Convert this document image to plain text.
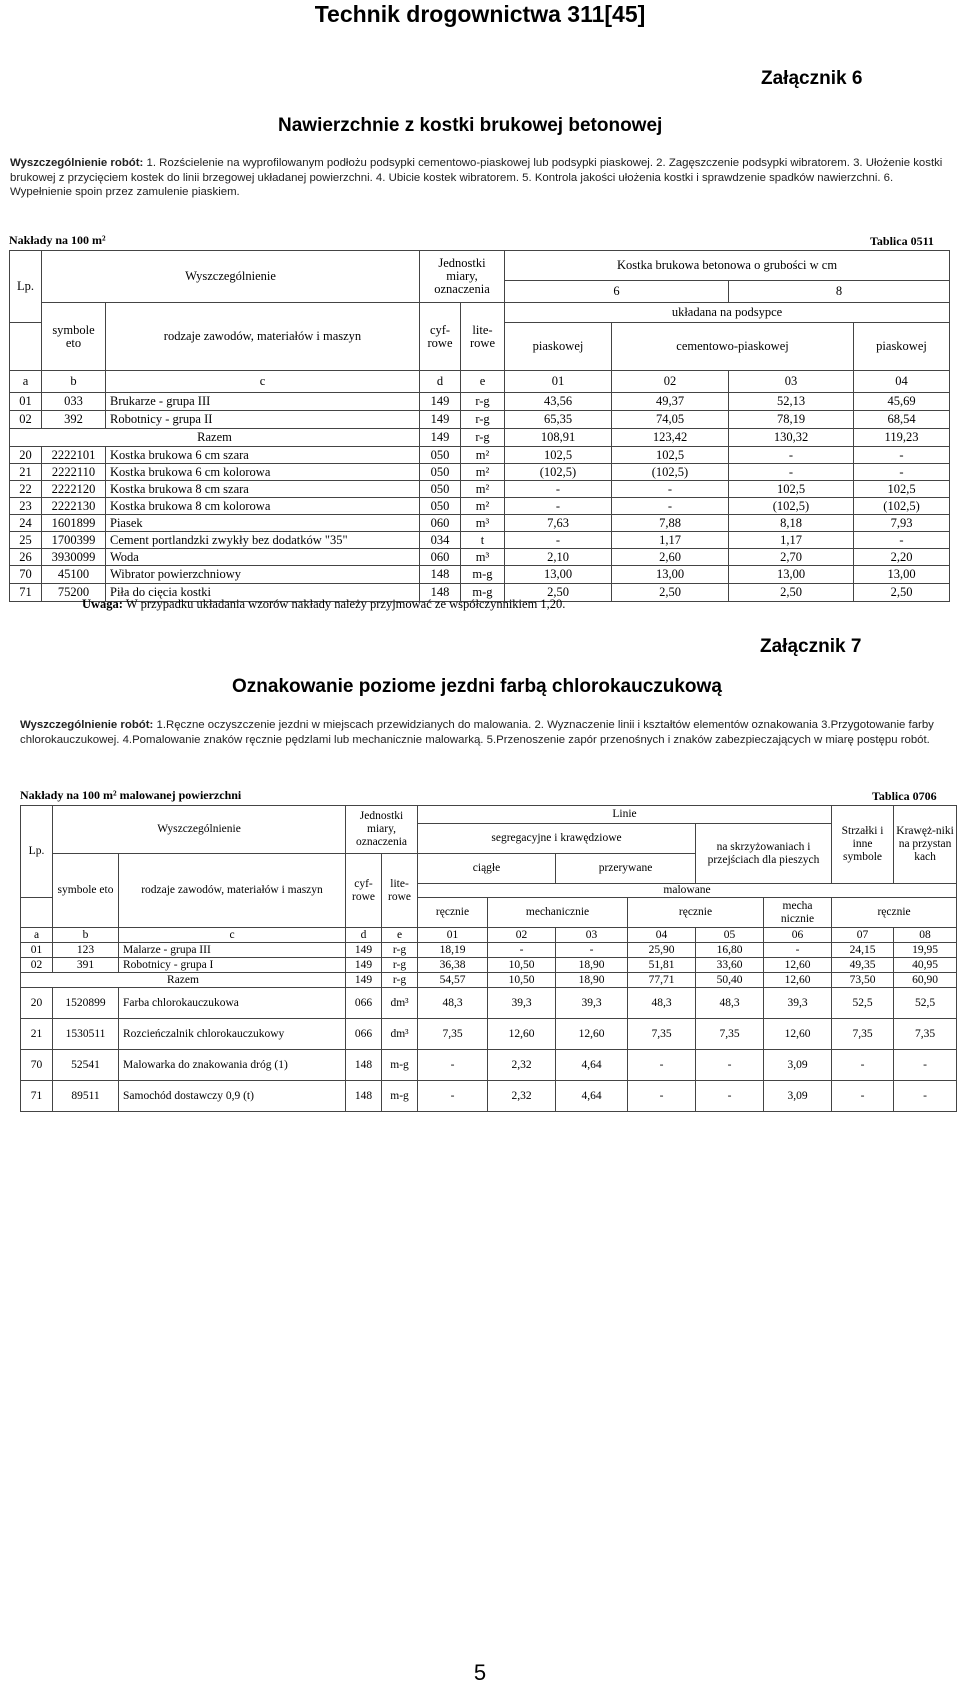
Technik drogownictwa 311[45]
Załącznik 6
Nawierzchnie z kostki brukowej betonowej
Wyszczególnienie robót: 1. Rozścielenie na wyprofilowanym podłożu podsypki cementowo-piaskowej lub podsypki piaskowej. 2. Zagęszczenie podsypki wibratorem. 3. Ułożenie kostki brukowej z przycięciem kostek do linii brzegowej układanej powierzchni. 4. Ubicie kostek wibratorem. 5. Kontrola jakości ułożenia kostki i sprawdzenie spadków nawierzchni. 6. Wypełnienie spoin przez zamulenie piaskiem.
Nakłady na 100 m²	Tablica 0511
Lp.	Wyszczególnienie		Jednostki miary, oznaczenia		Kostka brukowa betonowa o grubości w cm			
					6		8	
	symbole eto	rodzaje zawodów, materiałów i maszyn	cyf-rowe	lite-rowe	układana na podsypce			
					piaskowej	cementowo-piaskowej		piaskowej
a	b	c	d	e	01	02	03	04
01	033	Brukarze - grupa III	149	r-g	43,56	49,37	52,13	45,69
02	392	Robotnicy - grupa II	149	r-g	65,35	74,05	78,19	68,54
Razem			149	r-g	108,91	123,42	130,32	119,23
20	2222101	Kostka brukowa 6 cm szara	050	m²	102,5	102,5	-	-
21	2222110	Kostka brukowa 6 cm kolorowa	050	m²	(102,5)	(102,5)	-	-
22	2222120	Kostka brukowa 8 cm szara	050	m²	-	-	102,5	102,5
23	2222130	Kostka brukowa 8 cm kolorowa	050	m²	-	-	(102,5)	(102,5)
24	1601899	Piasek	060	m³	7,63	7,88	8,18	7,93
25	1700399	Cement portlandzki zwykły bez dodatków "35"	034	t	-	1,17	1,17	-
26	3930099	Woda	060	m³	2,10	2,60	2,70	2,20
70	45100	Wibrator powierzchniowy	148	m-g	13,00	13,00	13,00	13,00
71	75200	Piła do cięcia kostki	148	m-g	2,50	2,50	2,50	2,50
Uwaga: W przypadku układania wzorów nakłady należy przyjmować ze współczynnikiem 1,20.
Załącznik 7
Oznakowanie poziome jezdni farbą chlorokauczukową
Wyszczególnienie robót: 1.Ręczne oczyszczenie jezdni w miejscach przewidzianych do malowania. 2. Wyznaczenie linii i kształtów elementów oznakowania 3.Przygotowanie farby chlorokauczukowej. 4.Pomalowanie znaków ręcznie pędzlami lub mechanicznie malowarką. 5.Przenoszenie zapór przenośnych i znaków zabezpieczających w miarę postępu robót.
Nakłady na 100 m² malowanej powierzchni	Tablica 0706
Lp.	Wyszczególnienie		Jednostki miary, oznaczenia		Linie						Strzałki i inne symbole	Krawęż-niki na przystan kach
					segregacyjne i krawędziowe				na skrzyżowaniach i przejściach dla pieszych			
	symbole eto	rodzaje zawodów, materiałów i maszyn	cyf-rowe	lite-rowe	ciągłe		przerywane					
					malowane							
					ręcznie	mechanicznie		ręcznie		mecha nicznie	ręcznie	
a	b	c	d	e	01	02	03	04	05	06	07	08
01	123	Malarze - grupa III	149	r-g	18,19	-	-	25,90	16,80	-	24,15	19,95
02	391	Robotnicy - grupa I	149	r-g	36,38	10,50	18,90	51,81	33,60	12,60	49,35	40,95
Razem			149	r-g	54,57	10,50	18,90	77,71	50,40	12,60	73,50	60,90
20	1520899	Farba chlorokauczukowa	066	dm³	48,3	39,3	39,3	48,3	48,3	39,3	52,5	52,5
21	1530511	Rozcieńczalnik chlorokauczukowy	066	dm³	7,35	12,60	12,60	7,35	7,35	12,60	7,35	7,35
70	52541	Malowarka do znakowania dróg (1)	148	m-g	-	2,32	4,64	-	-	3,09	-	-
71	89511	Samochód dostawczy 0,9 (t)	148	m-g	-	2,32	4,64	-	-	3,09	-	-
5
